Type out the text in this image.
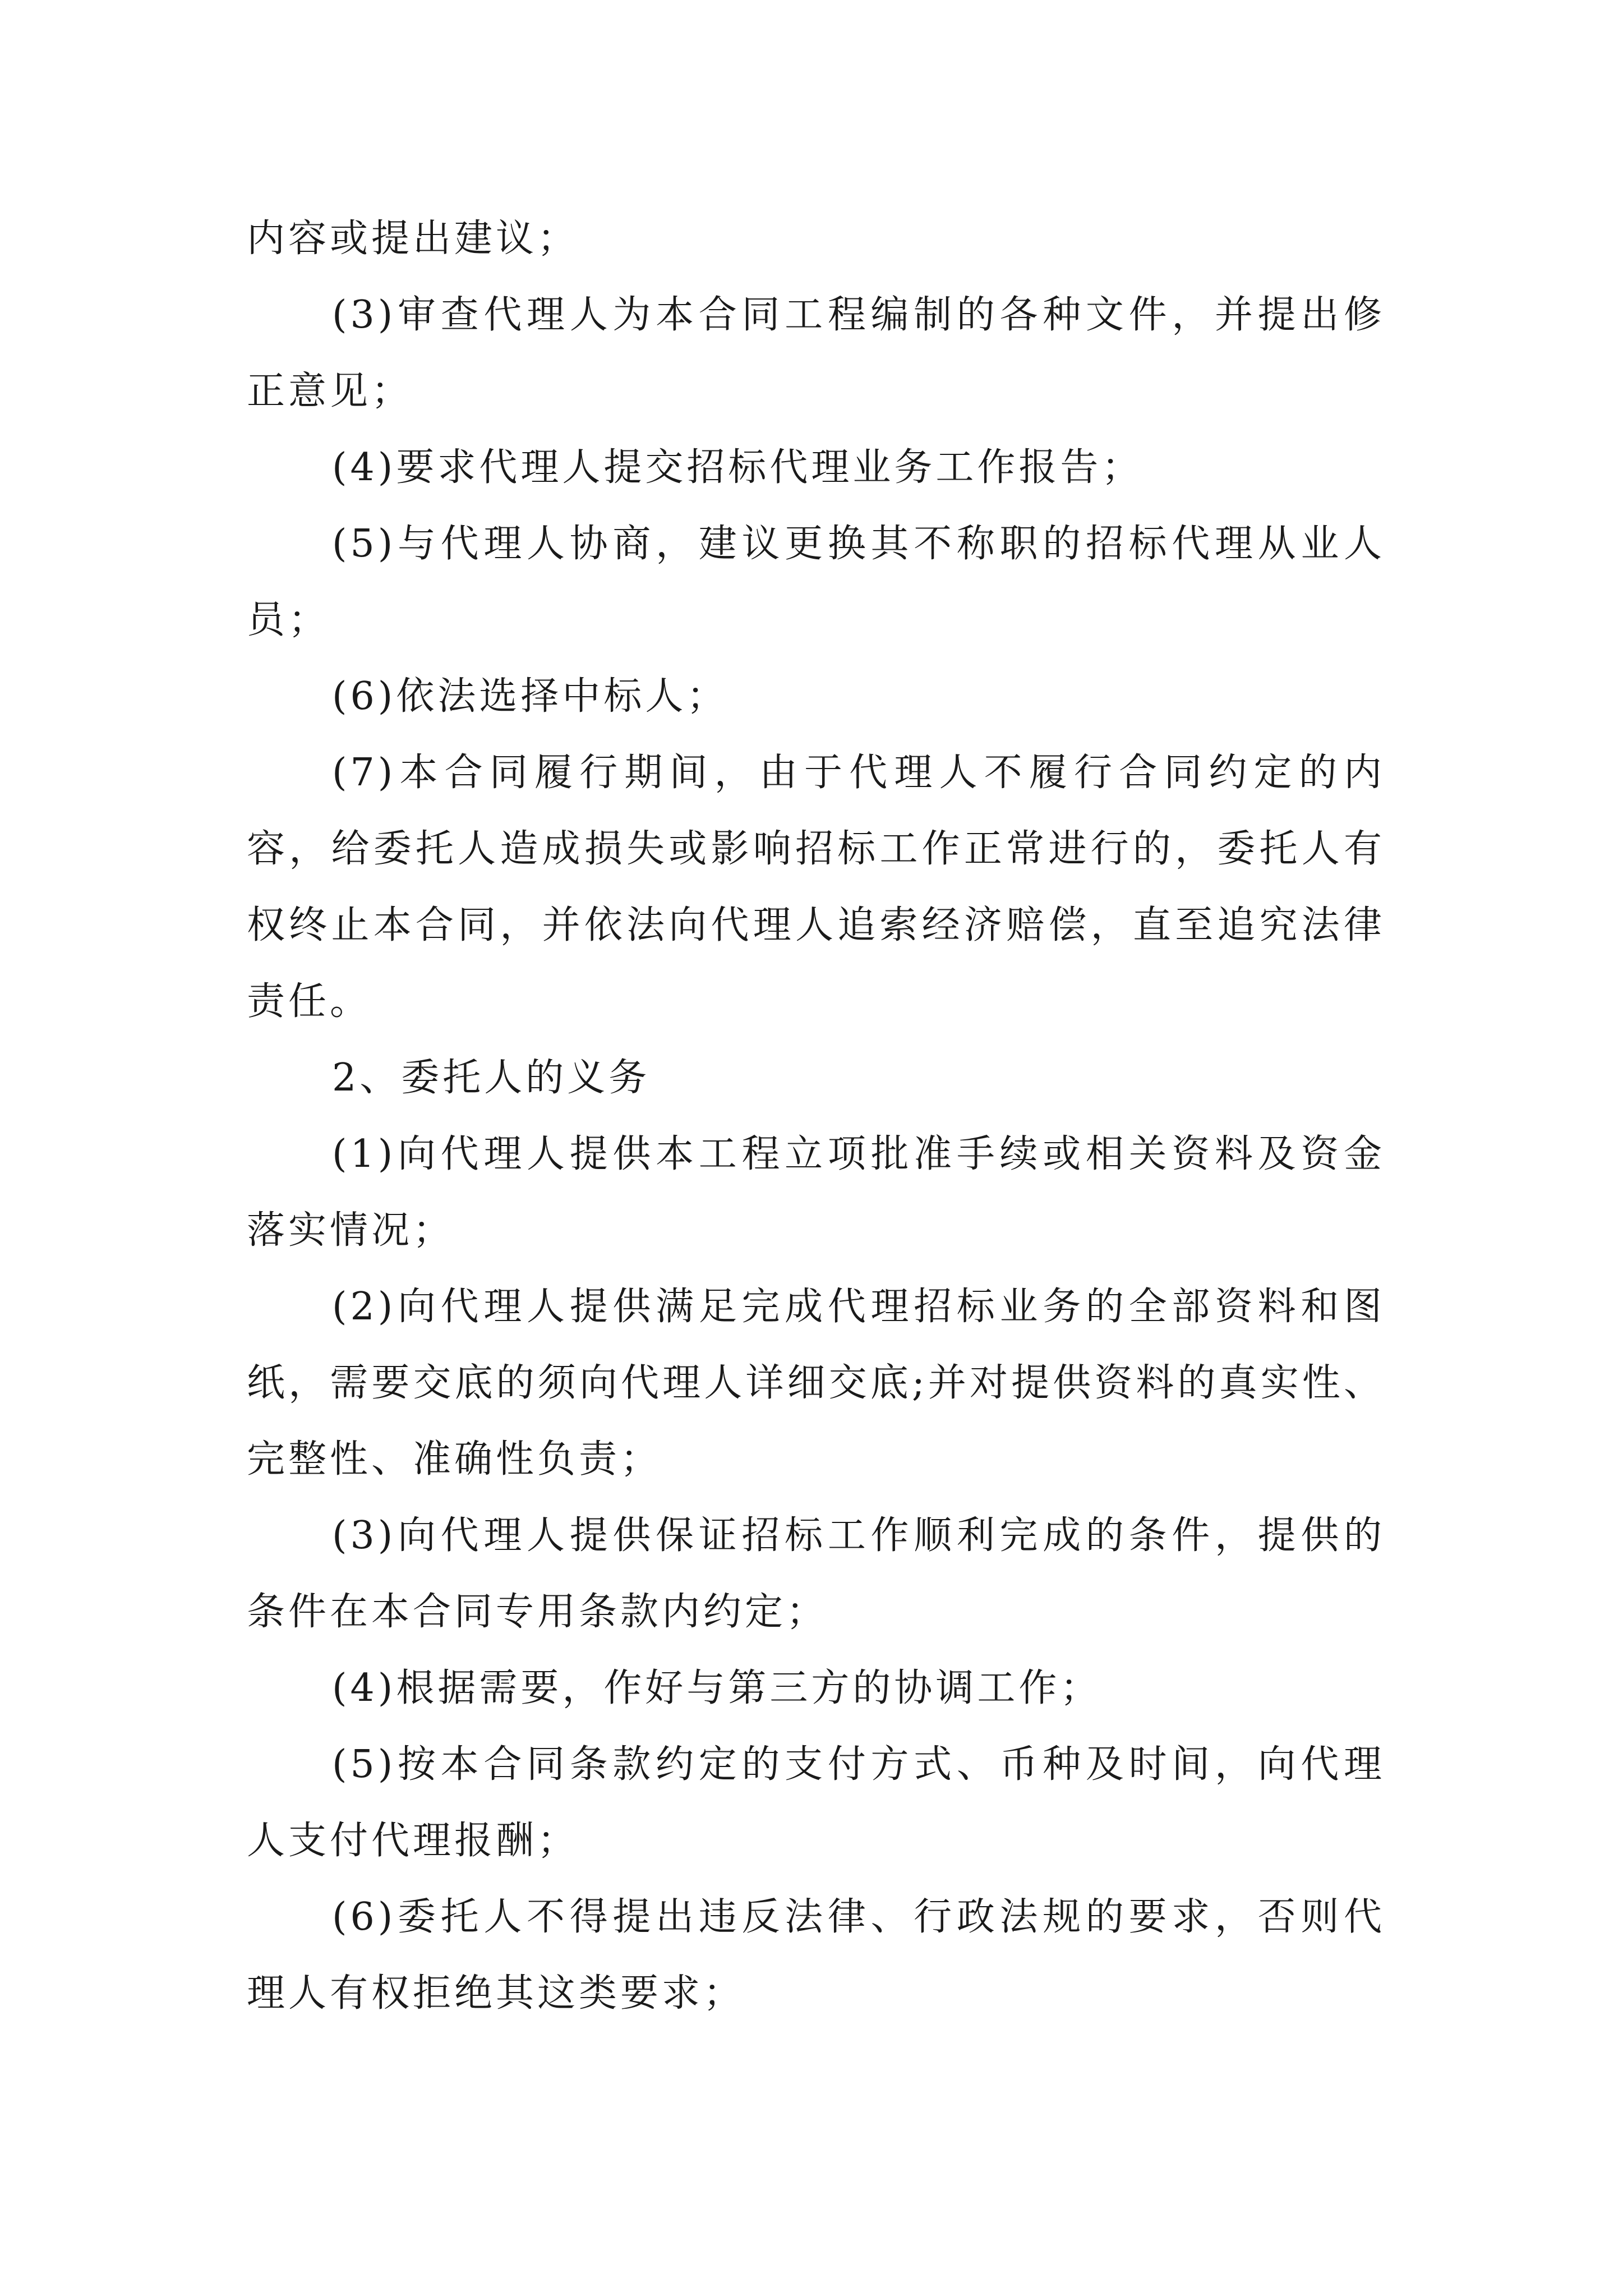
内容或提出建议；

(3)审查代理人为本合同工程编制的各种文件，并提出修正意见；

(4)要求代理人提交招标代理业务工作报告；

(5)与代理人协商，建议更换其不称职的招标代理从业人员；

(6)依法选择中标人；

(7)本合同履行期间，由于代理人不履行合同约定的内容，给委托人造成损失或影响招标工作正常进行的，委托人有权终止本合同，并依法向代理人追索经济赔偿，直至追究法律责任。

2、委托人的义务

(1)向代理人提供本工程立项批准手续或相关资料及资金落实情况；

(2)向代理人提供满足完成代理招标业务的全部资料和图纸，需要交底的须向代理人详细交底;并对提供资料的真实性、完整性、准确性负责；

(3)向代理人提供保证招标工作顺利完成的条件，提供的条件在本合同专用条款内约定；

(4)根据需要，作好与第三方的协调工作；

(5)按本合同条款约定的支付方式、币种及时间，向代理人支付代理报酬；

(6)委托人不得提出违反法律、行政法规的要求，否则代理人有权拒绝其这类要求；
